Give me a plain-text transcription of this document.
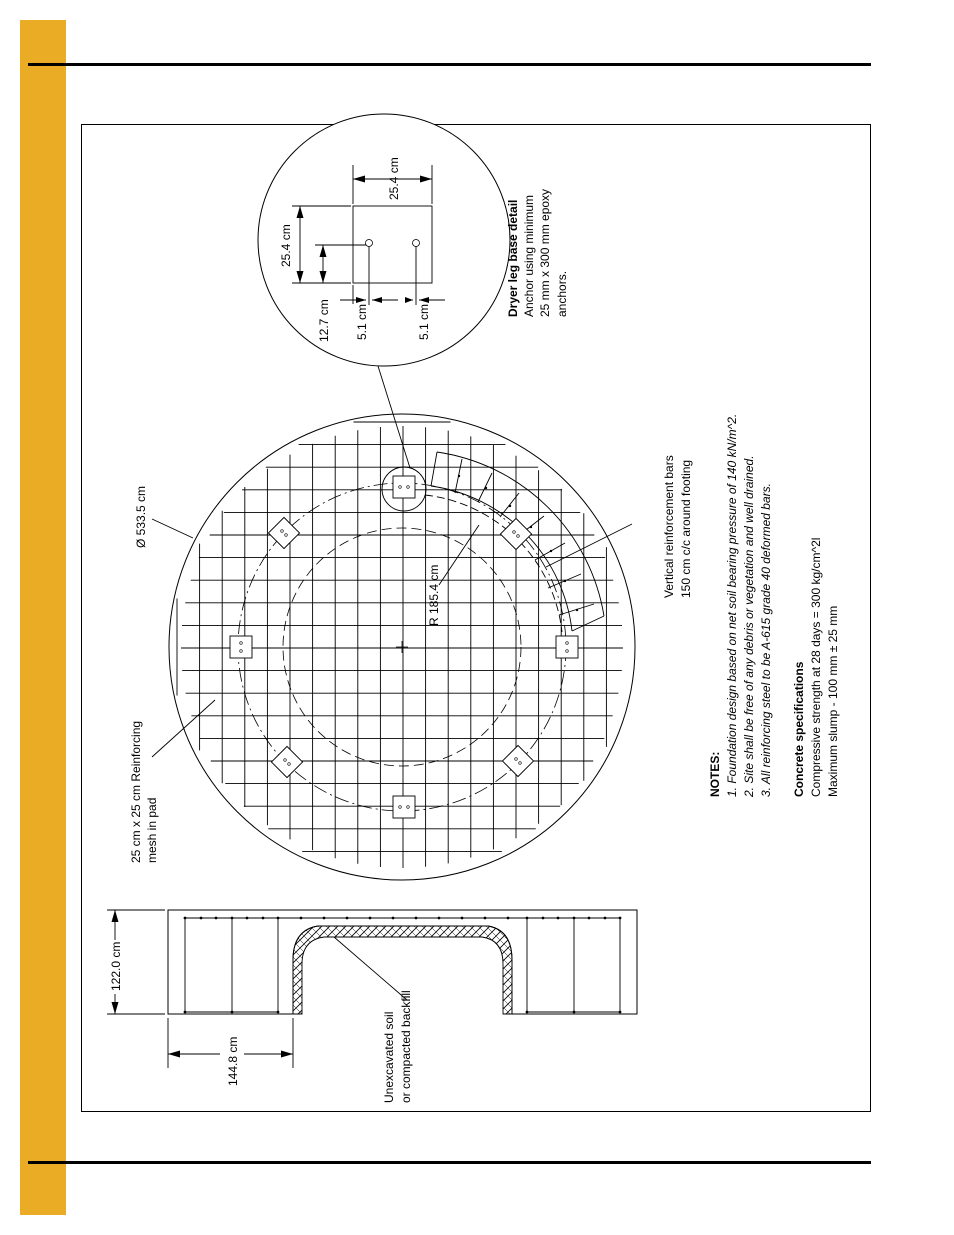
Ø 533.5 cm
R 185.4 cm
25 cm x 25 cm Reinforcing mesh in pad
Vertical reinforcement bars 150 cm c/c around footing
122.0 cm
144.8 cm	Unexcavated soil or compacted backfill
25.4 cm
25.4 cm
12.7 cm 5.1 cm	5.1 cm
Dryer leg base detail Anchor using minimum 25 mm x 300 mm epoxy anchors.
NOTES: 1. Foundation design based on net soil bearing pressure of 140 kN/m^2. 2. Site shall be free of any debris or vegetation and well drained. 3. All reinforcing steel to be A-615 grade 40 deformed bars. Concrete specifications Compressive strength at 28 days = 300 kg/cm^2l Maximum slump - 100 mm ± 25 mm
